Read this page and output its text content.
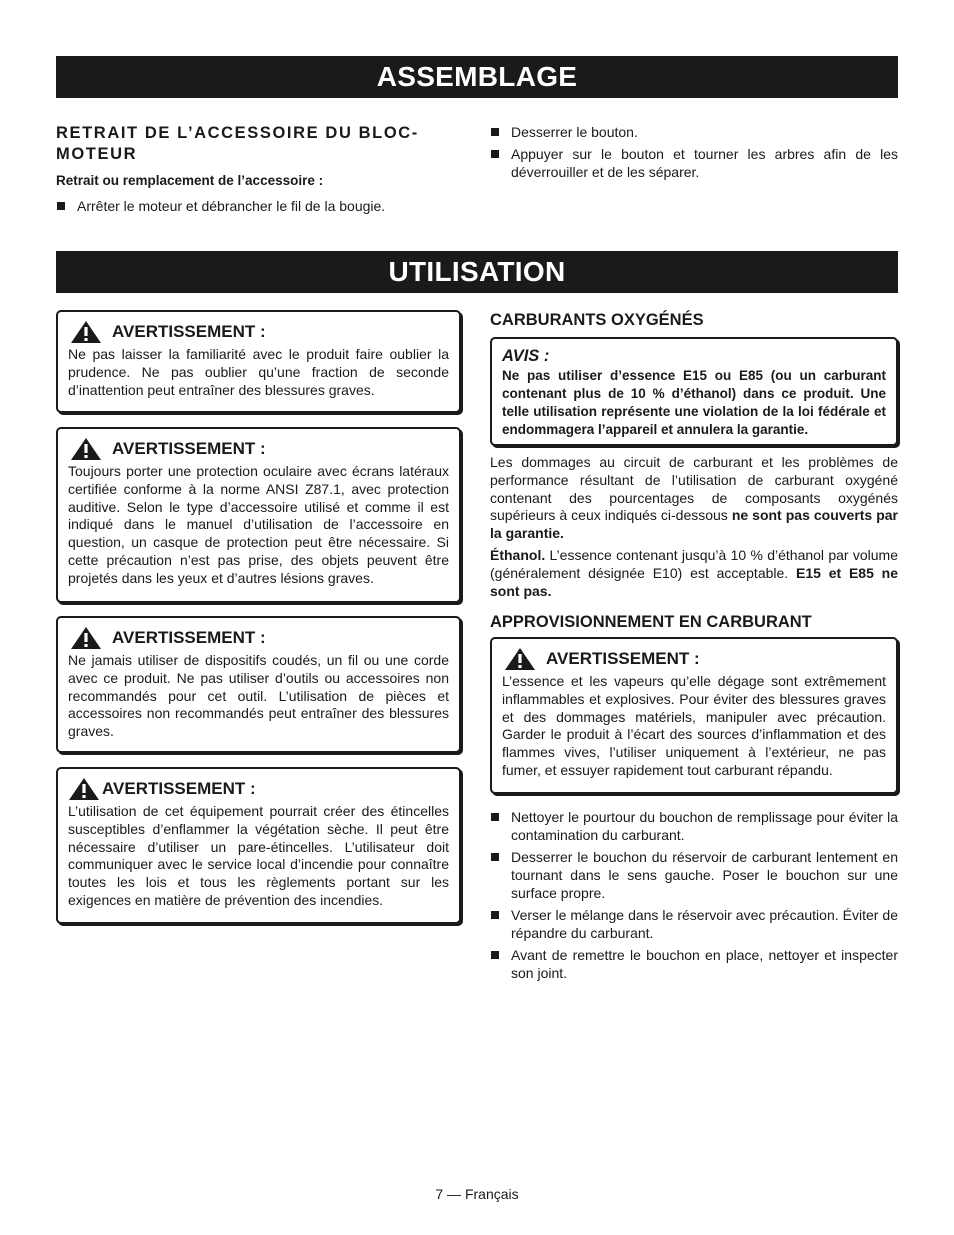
ASSEMBLAGE
RETRAIT DE L’ACCESSOIRE DU BLOC-
MOTEUR
Retrait ou remplacement de l’accessoire :
Arrêter le moteur et débrancher le fil de la bougie.
Desserrer le bouton.
Appuyer sur le bouton et tourner les arbres afin de les déverrouiller et de les séparer.
UTILISATION
AVERTISSEMENT :
Ne pas laisser la familiarité avec le produit faire oublier la prudence. Ne pas oublier qu’une fraction de seconde d’inattention peut entraîner des blessures graves.
AVERTISSEMENT :
Toujours porter une protection oculaire avec écrans latéraux certifiée conforme à la norme ANSI Z87.1, avec protection auditive. Selon le type d’accessoire utilisé et comme il est indiqué dans le manuel d’utilisation de l’accessoire en question, un casque de protection peut être nécessaire. Si cette précaution n’est pas prise, des objets peuvent être projetés dans les yeux et d’autres lésions graves.
AVERTISSEMENT :
Ne jamais utiliser de dispositifs coudés, un fil ou une corde avec ce produit. Ne pas utiliser d’outils ou accessoires non recommandés pour cet outil. L’utilisation de pièces et accessoires non recommandés peut entraîner des blessures graves.
AVERTISSEMENT :
L’utilisation de cet équipement pourrait créer des étincelles susceptibles d’enflammer la végétation sèche. Il peut être nécessaire d’utiliser un pare-étincelles. L’utilisateur doit communiquer avec le service local d’incendie pour connaître toutes les lois et tous les règlements portant sur les exigences en matière de prévention des incendies.
CARBURANTS OXYGÉNÉS
AVIS :
Ne pas utiliser d’essence E15 ou E85 (ou un carburant contenant plus de 10 % d’éthanol) dans ce produit. Une telle utilisation représente une violation de la loi fédérale et endommagera l’appareil et annulera la garantie.

Les dommages au circuit de carburant et les problèmes de performance résultant de l’utilisation de carburant oxygéné contenant des pourcentages de composants oxygénés supérieurs à ceux indiqués ci-dessous ne sont pas couverts par la garantie.

Éthanol. L’essence contenant jusqu’à 10 % d’éthanol par volume (généralement désignée E10) est acceptable. E15 et E85 ne sont pas.

APPROVISIONNEMENT EN CARBURANT
AVERTISSEMENT :
L’essence et les vapeurs qu’elle dégage sont extrêmement inflammables et explosives. Pour éviter des blessures graves et des dommages matériels, manipuler avec précaution. Garder le produit à l’écart des sources d’inflammation et des flammes vives, l’utiliser uniquement à l’extérieur, ne pas fumer, et essuyer rapidement tout carburant répandu.
Nettoyer le pourtour du bouchon de remplissage pour éviter la contamination du carburant.
Desserrer le bouchon du réservoir de carburant lentement en tournant dans le sens gauche. Poser le bouchon sur une surface propre.
Verser le mélange dans le réservoir avec précaution. Éviter de répandre du carburant.
Avant de remettre le bouchon en place, nettoyer et inspecter son joint.
7 — Français
